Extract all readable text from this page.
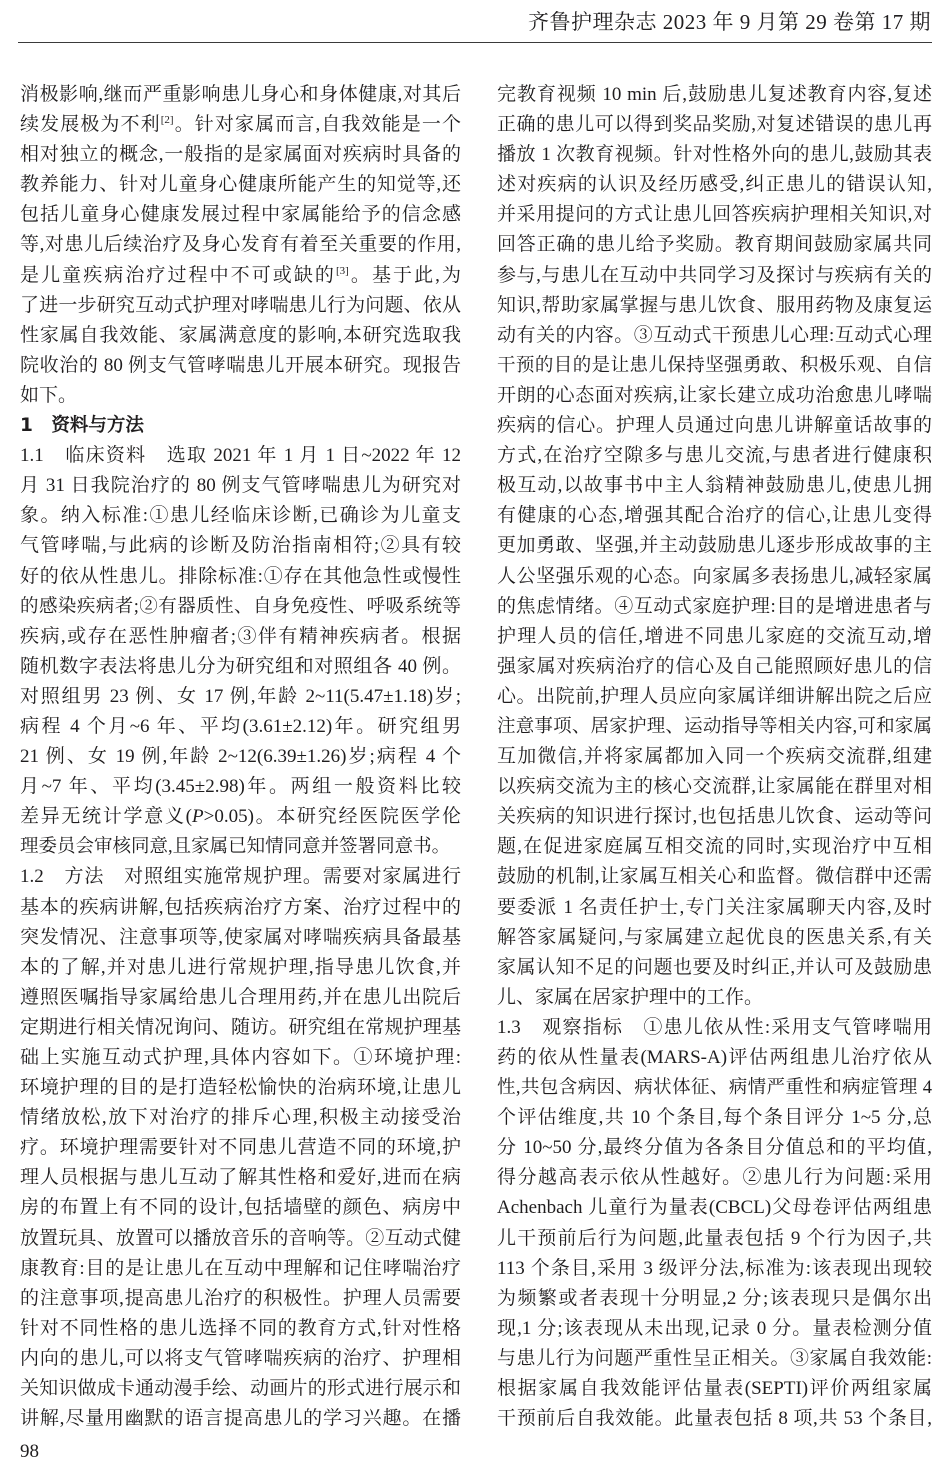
齐鲁护理杂志 2023 年 9 月第 29 卷第 17 期
消极影响,继而严重影响患儿身心和身体健康,对其后
续发展极为不利[2]。针对家属而言,自我效能是一个
相对独立的概念,一般指的是家属面对疾病时具备的
教养能力、针对儿童身心健康所能产生的知觉等,还
包括儿童身心健康发展过程中家属能给予的信念感
等,对患儿后续治疗及身心发育有着至关重要的作用,
是儿童疾病治疗过程中不可或缺的[3]。基于此,为
了进一步研究互动式护理对哮喘患儿行为问题、依从
性家属自我效能、家属满意度的影响,本研究选取我
院收治的 80 例支气管哮喘患儿开展本研究。现报告
如下。
1　资料与方法
1.1　临床资料　选取 2021 年 1 月 1 日~2022 年 12
月 31 日我院治疗的 80 例支气管哮喘患儿为研究对
象。纳入标准:①患儿经临床诊断,已确诊为儿童支
气管哮喘,与此病的诊断及防治指南相符;②具有较
好的依从性患儿。排除标准:①存在其他急性或慢性
的感染疾病者;②有器质性、自身免疫性、呼吸系统等
疾病,或存在恶性肿瘤者;③伴有精神疾病者。根据
随机数字表法将患儿分为研究组和对照组各 40 例。
对照组男 23 例、女 17 例,年龄 2~11(5.47±1.18)岁;
病程 4 个月~6 年、平均(3.61±2.12)年。研究组男
21 例、女 19 例,年龄 2~12(6.39±1.26)岁;病程 4 个
月~7 年、平均(3.45±2.98)年。两组一般资料比较
差异无统计学意义(P>0.05)。本研究经医院医学伦
理委员会审核同意,且家属已知情同意并签署同意书。
1.2　方法　对照组实施常规护理。需要对家属进行
基本的疾病讲解,包括疾病治疗方案、治疗过程中的
突发情况、注意事项等,使家属对哮喘疾病具备最基
本的了解,并对患儿进行常规护理,指导患儿饮食,并
遵照医嘱指导家属给患儿合理用药,并在患儿出院后
定期进行相关情况询问、随访。研究组在常规护理基
础上实施互动式护理,具体内容如下。①环境护理:
环境护理的目的是打造轻松愉快的治病环境,让患儿
情绪放松,放下对治疗的排斥心理,积极主动接受治
疗。环境护理需要针对不同患儿营造不同的环境,护
理人员根据与患儿互动了解其性格和爱好,进而在病
房的布置上有不同的设计,包括墙壁的颜色、病房中
放置玩具、放置可以播放音乐的音响等。②互动式健
康教育:目的是让患儿在互动中理解和记住哮喘治疗
的注意事项,提高患儿治疗的积极性。护理人员需要
针对不同性格的患儿选择不同的教育方式,针对性格
内向的患儿,可以将支气管哮喘疾病的治疗、护理相
关知识做成卡通动漫手绘、动画片的形式进行展示和
讲解,尽量用幽默的语言提高患儿的学习兴趣。在播
完教育视频 10 min 后,鼓励患儿复述教育内容,复述
正确的患儿可以得到奖品奖励,对复述错误的患儿再
播放 1 次教育视频。针对性格外向的患儿,鼓励其表
述对疾病的认识及经历感受,纠正患儿的错误认知,
并采用提问的方式让患儿回答疾病护理相关知识,对
回答正确的患儿给予奖励。教育期间鼓励家属共同
参与,与患儿在互动中共同学习及探讨与疾病有关的
知识,帮助家属掌握与患儿饮食、服用药物及康复运
动有关的内容。③互动式干预患儿心理:互动式心理
干预的目的是让患儿保持坚强勇敢、积极乐观、自信
开朗的心态面对疾病,让家长建立成功治愈患儿哮喘
疾病的信心。护理人员通过向患儿讲解童话故事的
方式,在治疗空隙多与患儿交流,与患者进行健康积
极互动,以故事书中主人翁精神鼓励患儿,使患儿拥
有健康的心态,增强其配合治疗的信心,让患儿变得
更加勇敢、坚强,并主动鼓励患儿逐步形成故事的主
人公坚强乐观的心态。向家属多表扬患儿,减轻家属
的焦虑情绪。④互动式家庭护理:目的是增进患者与
护理人员的信任,增进不同患儿家庭的交流互动,增
强家属对疾病治疗的信心及自己能照顾好患儿的信
心。出院前,护理人员应向家属详细讲解出院之后应
注意事项、居家护理、运动指导等相关内容,可和家属
互加微信,并将家属都加入同一个疾病交流群,组建
以疾病交流为主的核心交流群,让家属能在群里对相
关疾病的知识进行探讨,也包括患儿饮食、运动等问
题,在促进家庭属互相交流的同时,实现治疗中互相
鼓励的机制,让家属互相关心和监督。微信群中还需
要委派 1 名责任护士,专门关注家属聊天内容,及时
解答家属疑问,与家属建立起优良的医患关系,有关
家属认知不足的问题也要及时纠正,并认可及鼓励患
儿、家属在居家护理中的工作。
1.3　观察指标　①患儿依从性:采用支气管哮喘用
药的依从性量表(MARS-A)评估两组患儿治疗依从
性,共包含病因、病状体征、病情严重性和病症管理 4
个评估维度,共 10 个条目,每个条目评分 1~5 分,总
分 10~50 分,最终分值为各条目分值总和的平均值,
得分越高表示依从性越好。②患儿行为问题:采用
Achenbach 儿童行为量表(CBCL)父母卷评估两组患
儿干预前后行为问题,此量表包括 9 个行为因子,共
113 个条目,采用 3 级评分法,标准为:该表现出现较
为频繁或者表现十分明显,2 分;该表现只是偶尔出
现,1 分;该表现从未出现,记录 0 分。量表检测分值
与患儿行为问题严重性呈正相关。③家属自我效能:
根据家属自我效能评估量表(SEPTI)评价两组家属
干预前后自我效能。此量表包括 8 项,共 53 个条目,
98
